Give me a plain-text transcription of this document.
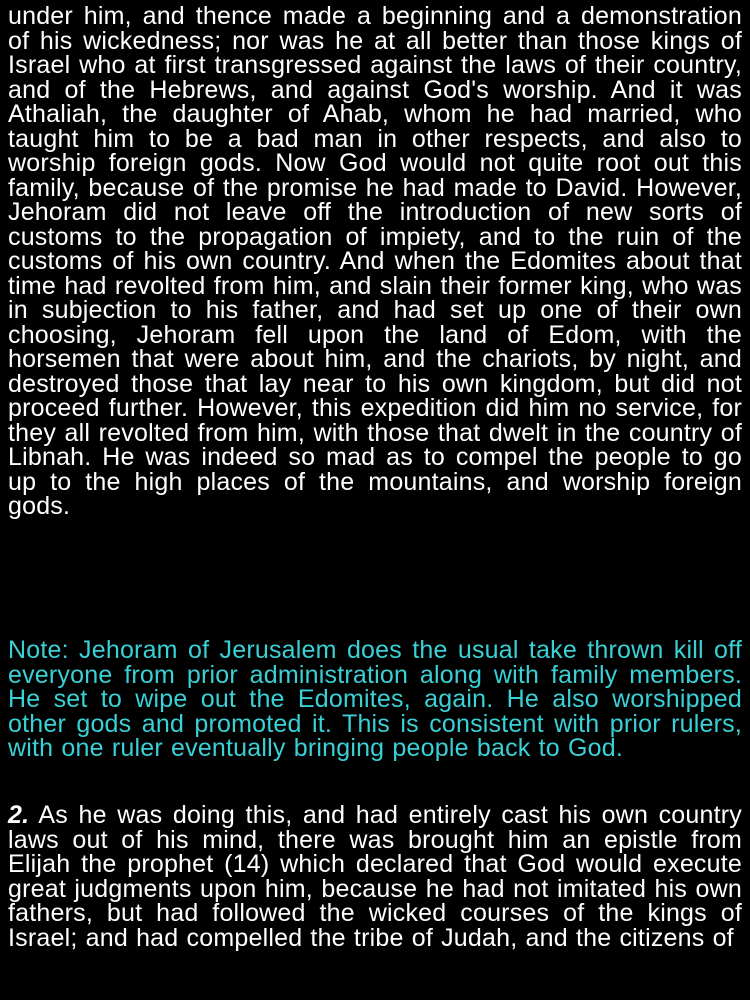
under him, and thence made a beginning and a demonstration of his wickedness; nor was he at all better than those kings of Israel who at first transgressed against the laws of their country, and of the Hebrews, and against God's worship. And it was Athaliah, the daughter of Ahab, whom he had married, who taught him to be a bad man in other respects, and also to worship foreign gods. Now God would not quite root out this family, because of the promise he had made to David. However, Jehoram did not leave off the introduction of new sorts of customs to the propagation of impiety, and to the ruin of the customs of his own country. And when the Edomites about that time had revolted from him, and slain their former king, who was in subjection to his father, and had set up one of their own choosing, Jehoram fell upon the land of Edom, with the horsemen that were about him, and the chariots, by night, and destroyed those that lay near to his own kingdom, but did not proceed further. However, this expedition did him no service, for they all revolted from him, with those that dwelt in the country of Libnah. He was indeed so mad as to compel the people to go up to the high places of the mountains, and worship foreign gods.

Note: Jehoram of Jerusalem does the usual take thrown kill off everyone from prior administration along with family members. He set to wipe out the Edomites, again. He also worshipped other gods and promoted it. This is consistent with prior rulers, with one ruler eventually bringing people back to God.

2. As he was doing this, and had entirely cast his own country laws out of his mind, there was brought him an epistle from Elijah the prophet (14) which declared that God would execute great judgments upon him, because he had not imitated his own fathers, but had followed the wicked courses of the kings of Israel; and had compelled the tribe of Judah, and the citizens of
